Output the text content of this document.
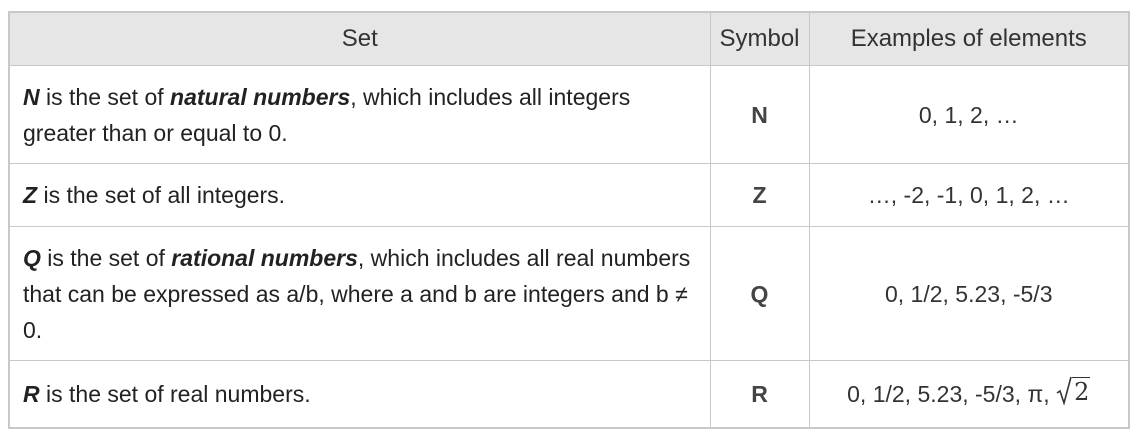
Set	Symbol	Examples of elements
N is the set of natural numbers, which includes all integers greater than or equal to 0.	N	0, 1, 2, …
Z is the set of all integers.	Z	…, -2, -1, 0, 1, 2, …
Q is the set of rational numbers, which includes all real numbers that can be expressed as a/b, where a and b are integers and b ≠ 0.	Q	0, 1/2, 5.23, -5/3
R is the set of real numbers.	R	0, 1/2, 5.23, -5/3, π, 2
